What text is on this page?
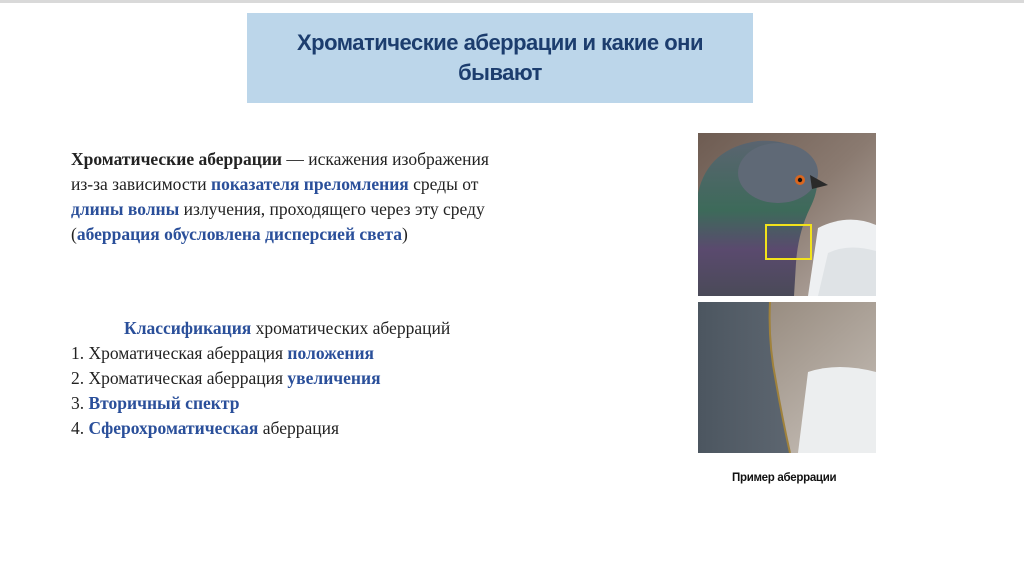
Хроматические аберрации и какие они бывают
Хроматические аберрации — искажения изображения из-за зависимости показателя преломления среды от длины волны излучения, проходящего через эту среду (аберрация обусловлена дисперсией света)
Классификация хроматических аберраций
1. Хроматическая аберрация положения
2. Хроматическая аберрация увеличения
3. Вторичный спектр
4. Сферохроматическая аберрация
Пример аберрации
